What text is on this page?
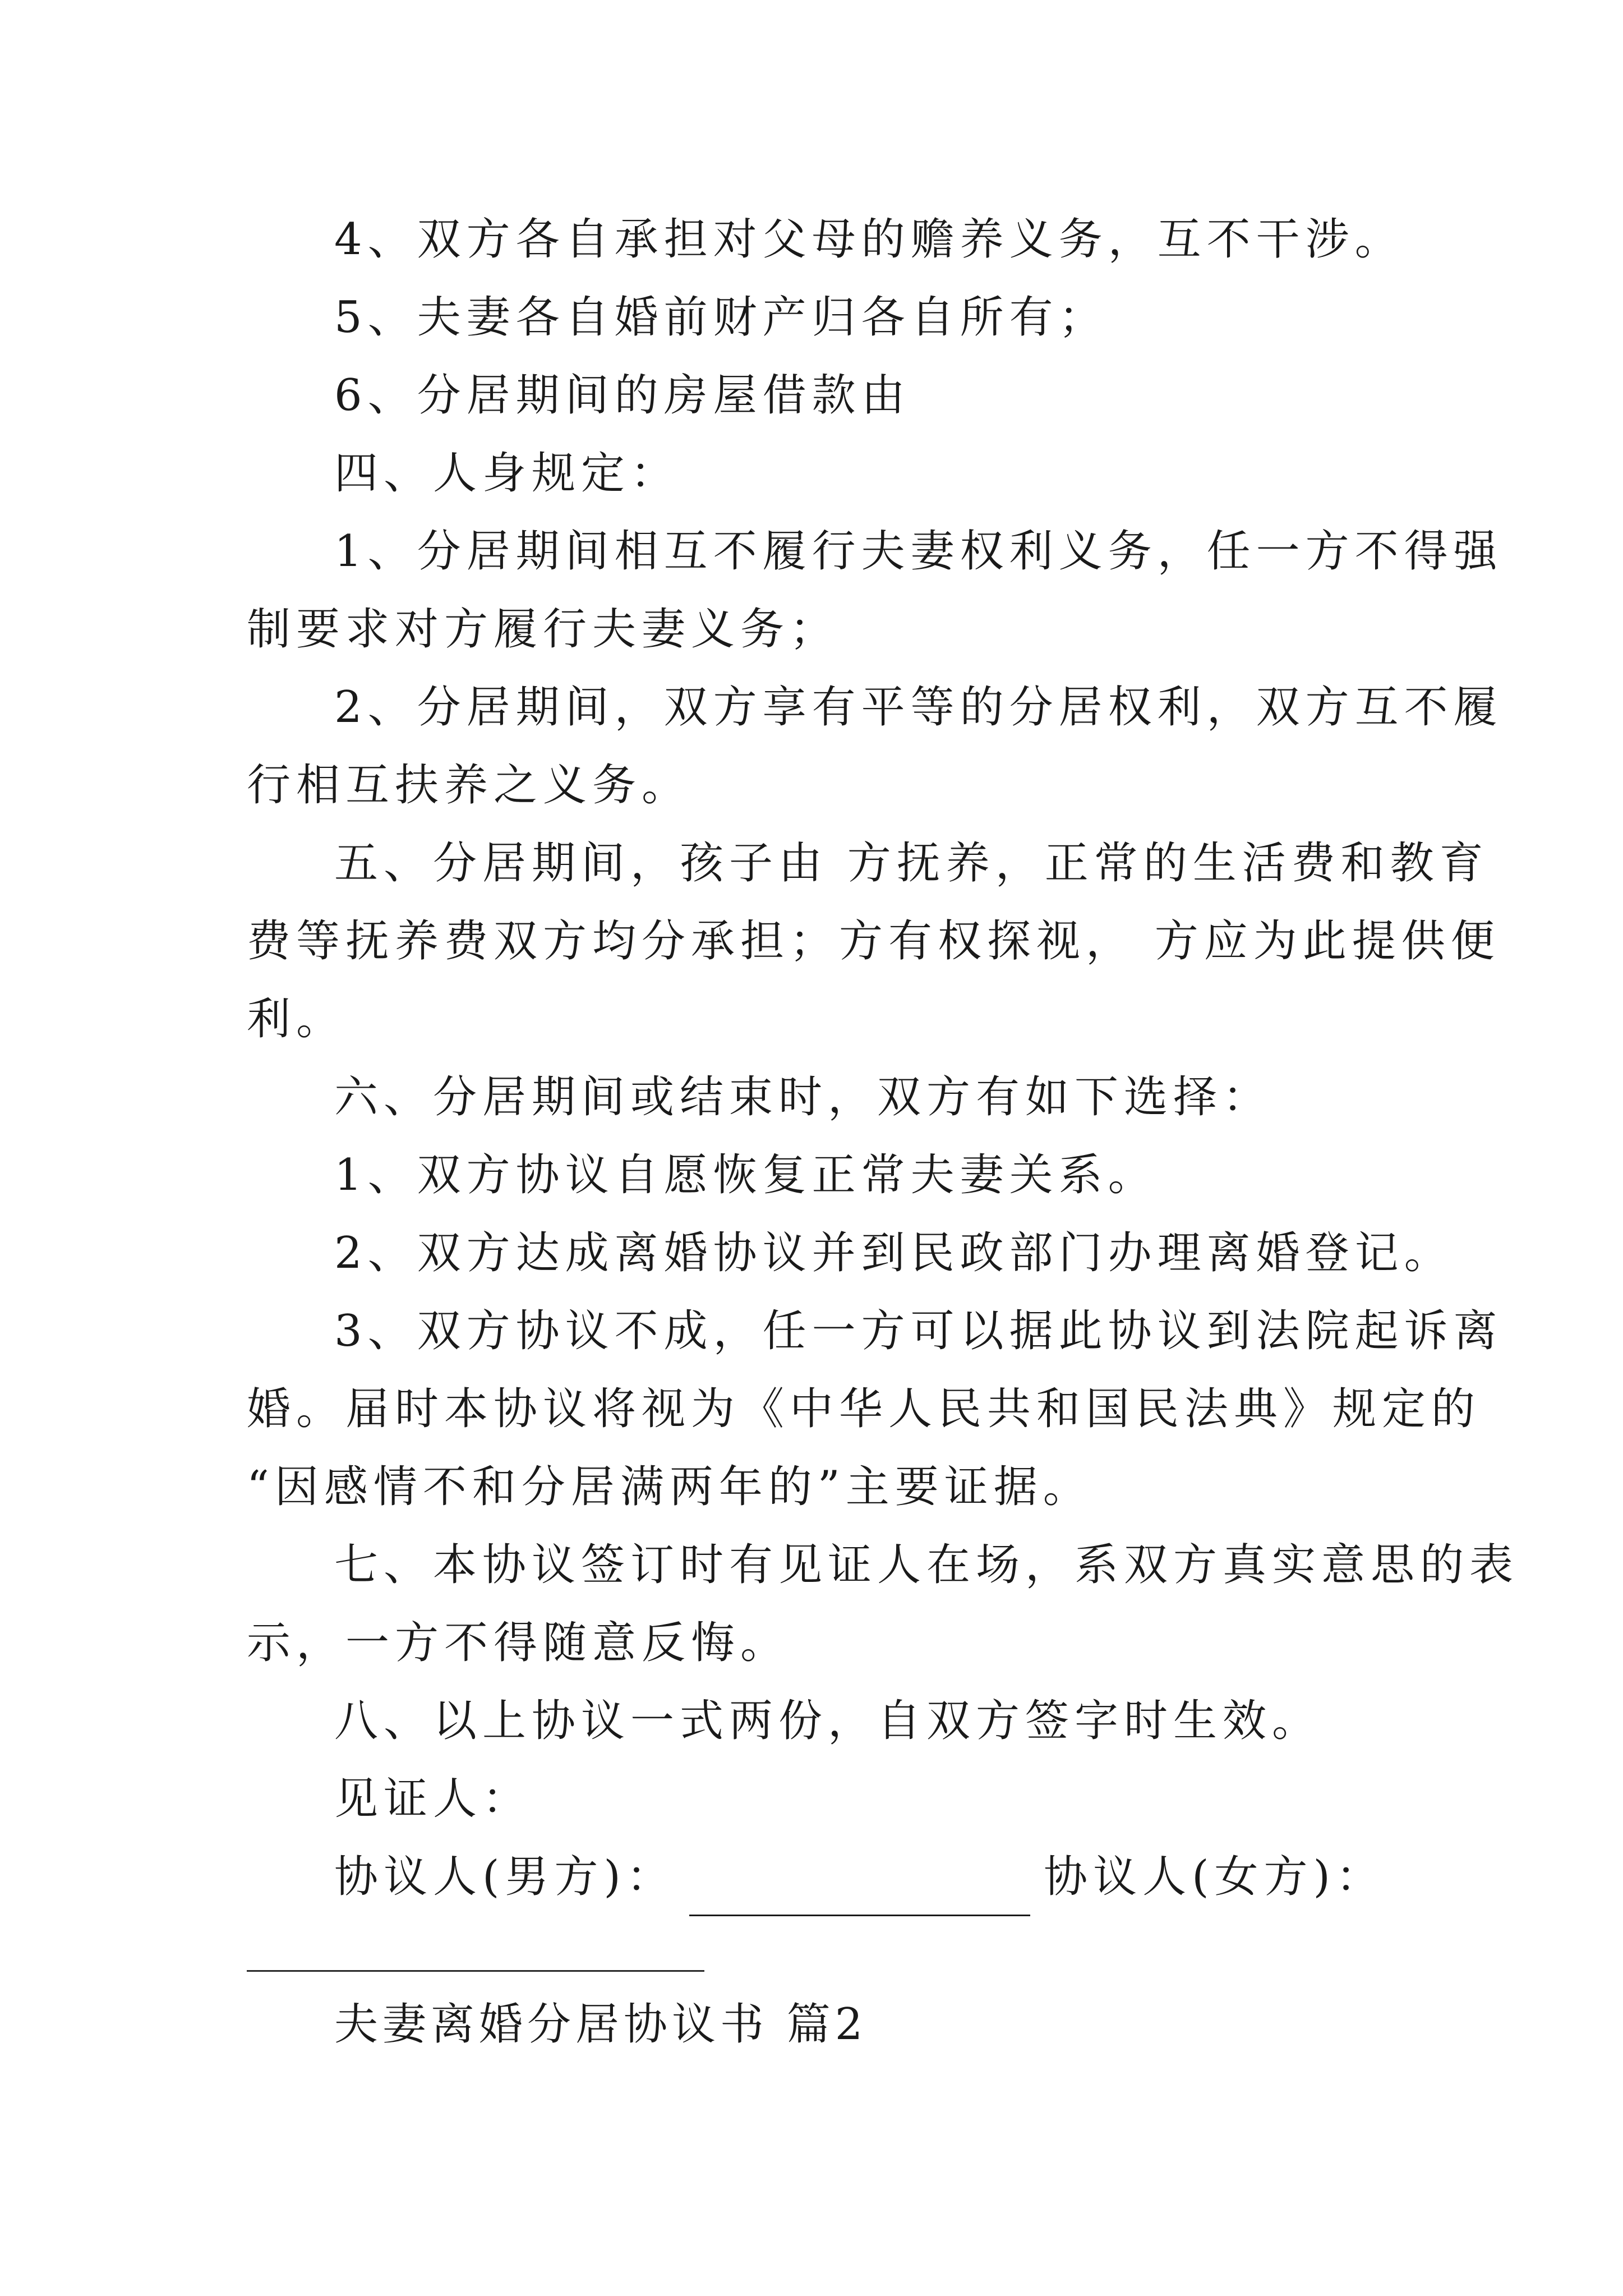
4、双方各自承担对父母的赡养义务，互不干涉。
5、夫妻各自婚前财产归各自所有；
6、分居期间的房屋借款由
四、人身规定：
1、分居期间相互不履行夫妻权利义务，任一方不得强
制要求对方履行夫妻义务；
2、分居期间，双方享有平等的分居权利，双方互不履
行相互扶养之义务。
五、分居期间，孩子由 方抚养，正常的生活费和教育
费等抚养费双方均分承担；方有权探视， 方应为此提供便
利。
六、分居期间或结束时，双方有如下选择：
1、双方协议自愿恢复正常夫妻关系。
2、双方达成离婚协议并到民政部门办理离婚登记。
3、双方协议不成，任一方可以据此协议到法院起诉离
婚。届时本协议将视为《中华人民共和国民法典》规定的
“因感情不和分居满两年的”主要证据。
七、本协议签订时有见证人在场，系双方真实意思的表
示，一方不得随意反悔。
八、以上协议一式两份，自双方签字时生效。
见证人：
协议人(男方)：	协议人(女方)：
夫妻离婚分居协议书 篇2
